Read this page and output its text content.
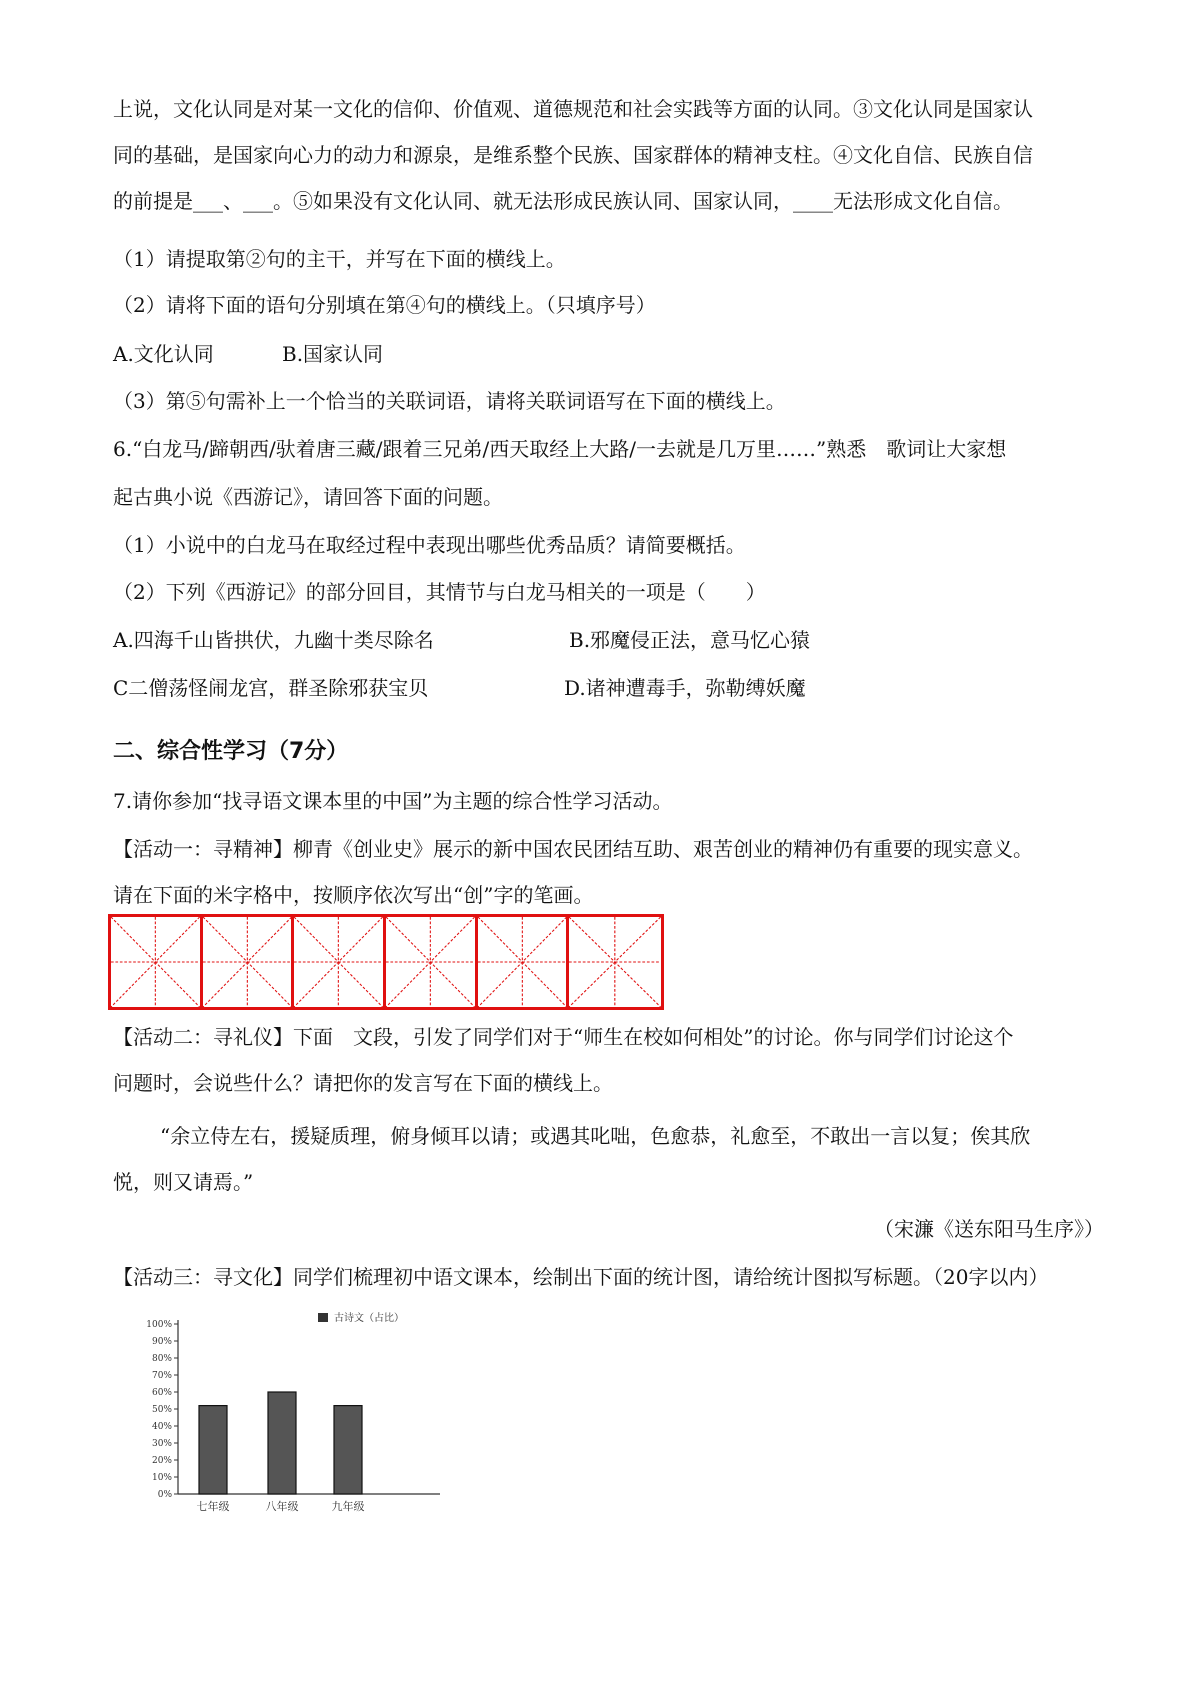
上说，文化认同是对某一文化的信仰、价值观、道德规范和社会实践等方面的认同。③文化认同是国家认
同的基础，是国家向心力的动力和源泉，是维系整个民族、国家群体的精神支柱。④文化自信、民族自信
的前提是___、___。⑤如果没有文化认同、就无法形成民族认同、国家认同，____无法形成文化自信。
（1）请提取第②句的主干，并写在下面的横线上。
（2）请将下面的语句分别填在第④句的横线上。（只填序号）
A.文化认同	B.国家认同
（3）第⑤句需补上一个恰当的关联词语，请将关联词语写在下面的横线上。
6.“白龙马/蹄朝西/驮着唐三藏/跟着三兄弟/西天取经上大路/一去就是几万里……”熟悉　歌词让大家想
起古典小说《西游记》，请回答下面的问题。
（1）小说中的白龙马在取经过程中表现出哪些优秀品质？请简要概括。
（2）下列《西游记》的部分回目，其情节与白龙马相关的一项是（　　）
A.四海千山皆拱伏，九幽十类尽除名	B.邪魔侵正法，意马忆心猿
C二僧荡怪闹龙宫，群圣除邪获宝贝	D.诸神遭毒手，弥勒缚妖魔
二、综合性学习（7分）
7.请你参加“找寻语文课本里的中国”为主题的综合性学习活动。
【活动一：寻精神】柳青《创业史》展示的新中国农民团结互助、艰苦创业的精神仍有重要的现实意义。
请在下面的米字格中，按顺序依次写出“创”字的笔画。
【活动二：寻礼仪】下面　文段，引发了同学们对于“师生在校如何相处”的讨论。你与同学们讨论这个
问题时，会说些什么？请把你的发言写在下面的横线上。
“余立侍左右，援疑质理，俯身倾耳以请；或遇其叱咄，色愈恭，礼愈至，不敢出一言以复；俟其欣
悦，则又请焉。”
（宋濂《送东阳马生序》）
【活动三：寻文化】同学们梳理初中语文课本，绘制出下面的统计图，请给统计图拟写标题。（20字以内）
0%
10%
20%
30%
40%
50%
60%
70%
80%
90%
100%
七年级	八年级	九年级
古诗文（占比）
